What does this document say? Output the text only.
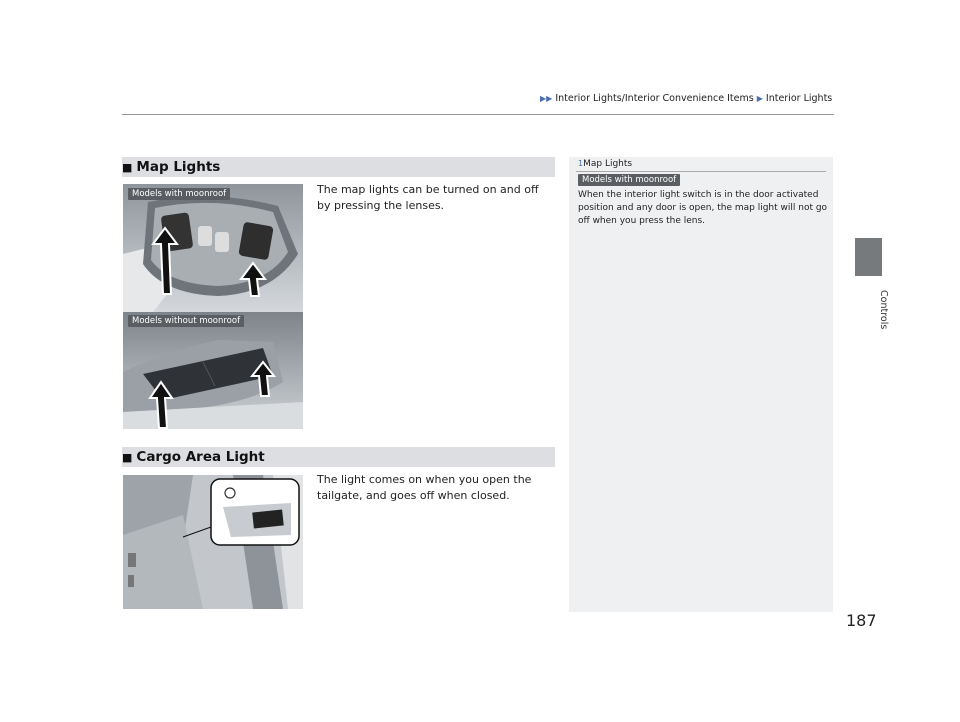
▶▶ Interior Lights/Interior Convenience Items ▶ Interior Lights
Controls
■ Map Lights
The map lights can be turned on and off by pressing the lenses.
Models with moonroof
Models without moonroof
■ Cargo Area Light
The light comes on when you open the tailgate, and goes off when closed.
1Map Lights
Models with moonroof
When the interior light switch is in the door activated position and any door is open, the map light will not go off when you press the lens.
187
